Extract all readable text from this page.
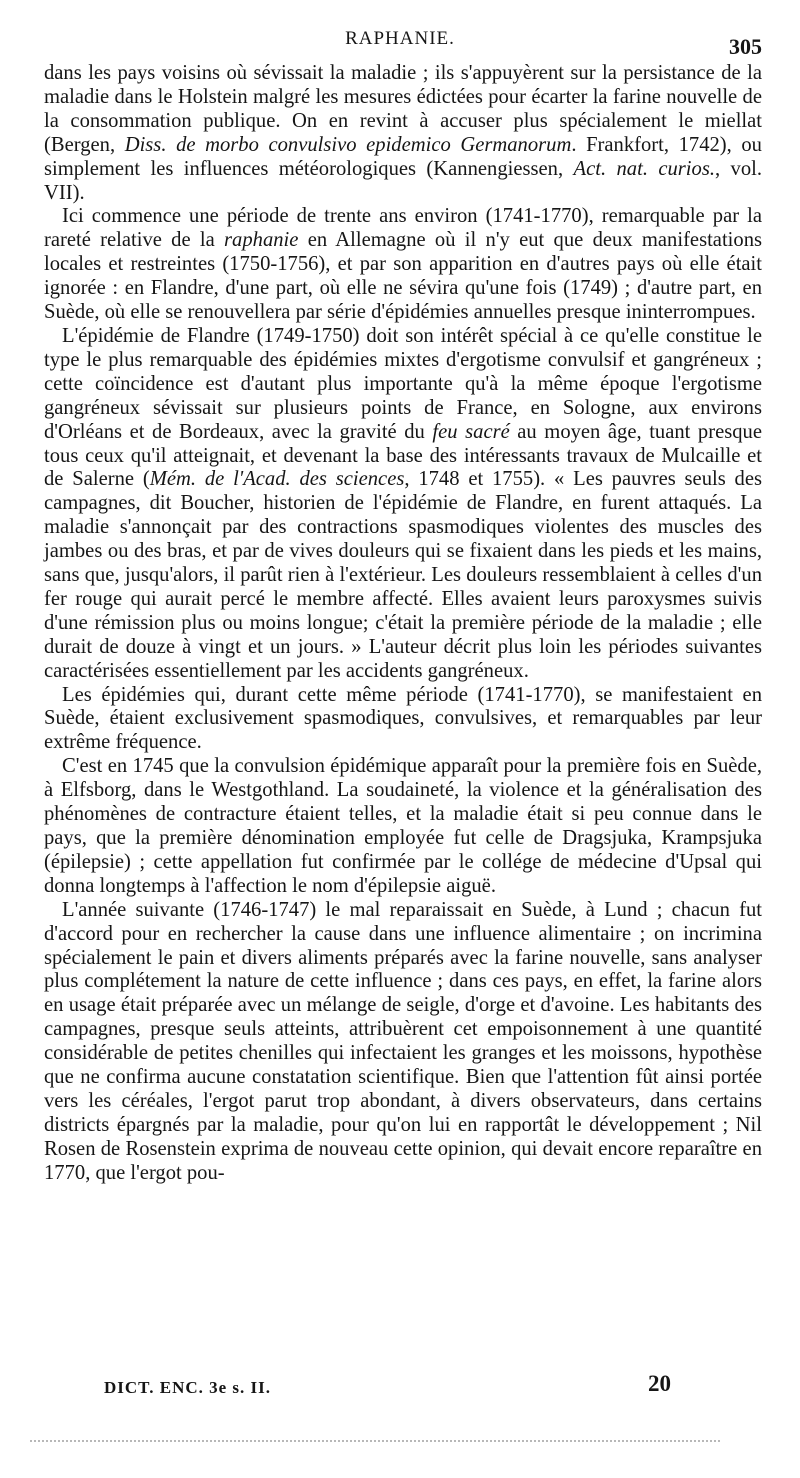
RAPHANIE.	305

dans les pays voisins où sévissait la maladie ; ils s'appuyèrent sur la persistance de la maladie dans le Holstein malgré les mesures édictées pour écarter la farine nouvelle de la consommation publique. On en revint à accuser plus spécialement le miellat (Bergen, Diss. de morbo convulsivo epidemico Germanorum. Frankfort, 1742), ou simplement les influences météorologiques (Kannengiessen, Act. nat. curios., vol. VII).

Ici commence une période de trente ans environ (1741-1770), remarquable par la rareté relative de la raphanie en Allemagne où il n'y eut que deux manifestations locales et restreintes (1750-1756), et par son apparition en d'autres pays où elle était ignorée : en Flandre, d'une part, où elle ne sévira qu'une fois (1749) ; d'autre part, en Suède, où elle se renouvellera par série d'épidémies annuelles presque ininterrompues.

L'épidémie de Flandre (1749-1750) doit son intérêt spécial à ce qu'elle constitue le type le plus remarquable des épidémies mixtes d'ergotisme convulsif et gangréneux ; cette coïncidence est d'autant plus importante qu'à la même époque l'ergotisme gangréneux sévissait sur plusieurs points de France, en Sologne, aux environs d'Orléans et de Bordeaux, avec la gravité du feu sacré au moyen âge, tuant presque tous ceux qu'il atteignait, et devenant la base des intéressants travaux de Mulcaille et de Salerne (Mém. de l'Acad. des sciences, 1748 et 1755). « Les pauvres seuls des campagnes, dit Boucher, historien de l'épidémie de Flandre, en furent attaqués. La maladie s'annonçait par des contractions spasmodiques violentes des muscles des jambes ou des bras, et par de vives douleurs qui se fixaient dans les pieds et les mains, sans que, jusqu'alors, il parût rien à l'extérieur. Les douleurs ressemblaient à celles d'un fer rouge qui aurait percé le membre affecté. Elles avaient leurs paroxysmes suivis d'une rémission plus ou moins longue; c'était la première période de la maladie ; elle durait de douze à vingt et un jours. » L'auteur décrit plus loin les périodes suivantes caractérisées essentiellement par les accidents gangréneux.

Les épidémies qui, durant cette même période (1741-1770), se manifestaient en Suède, étaient exclusivement spasmodiques, convulsives, et remarquables par leur extrême fréquence.

C'est en 1745 que la convulsion épidémique apparaît pour la première fois en Suède, à Elfsborg, dans le Westgothland. La soudaineté, la violence et la généralisation des phénomènes de contracture étaient telles, et la maladie était si peu connue dans le pays, que la première dénomination employée fut celle de Dragsjuka, Krampsjuka (épilepsie) ; cette appellation fut confirmée par le collége de médecine d'Upsal qui donna longtemps à l'affection le nom d'épilepsie aiguë.

L'année suivante (1746-1747) le mal reparaissait en Suède, à Lund ; chacun fut d'accord pour en rechercher la cause dans une influence alimentaire ; on incrimina spécialement le pain et divers aliments préparés avec la farine nouvelle, sans analyser plus complétement la nature de cette influence ; dans ces pays, en effet, la farine alors en usage était préparée avec un mélange de seigle, d'orge et d'avoine. Les habitants des campagnes, presque seuls atteints, attribuèrent cet empoisonnement à une quantité considérable de petites chenilles qui infectaient les granges et les moissons, hypothèse que ne confirma aucune constatation scientifique. Bien que l'attention fût ainsi portée vers les céréales, l'ergot parut trop abondant, à divers observateurs, dans certains districts épargnés par la maladie, pour qu'on lui en rapportât le développement ; Nil Rosen de Rosenstein exprima de nouveau cette opinion, qui devait encore reparaître en 1770, que l'ergot pou-

DICT. ENC. 3e s. II.	20
